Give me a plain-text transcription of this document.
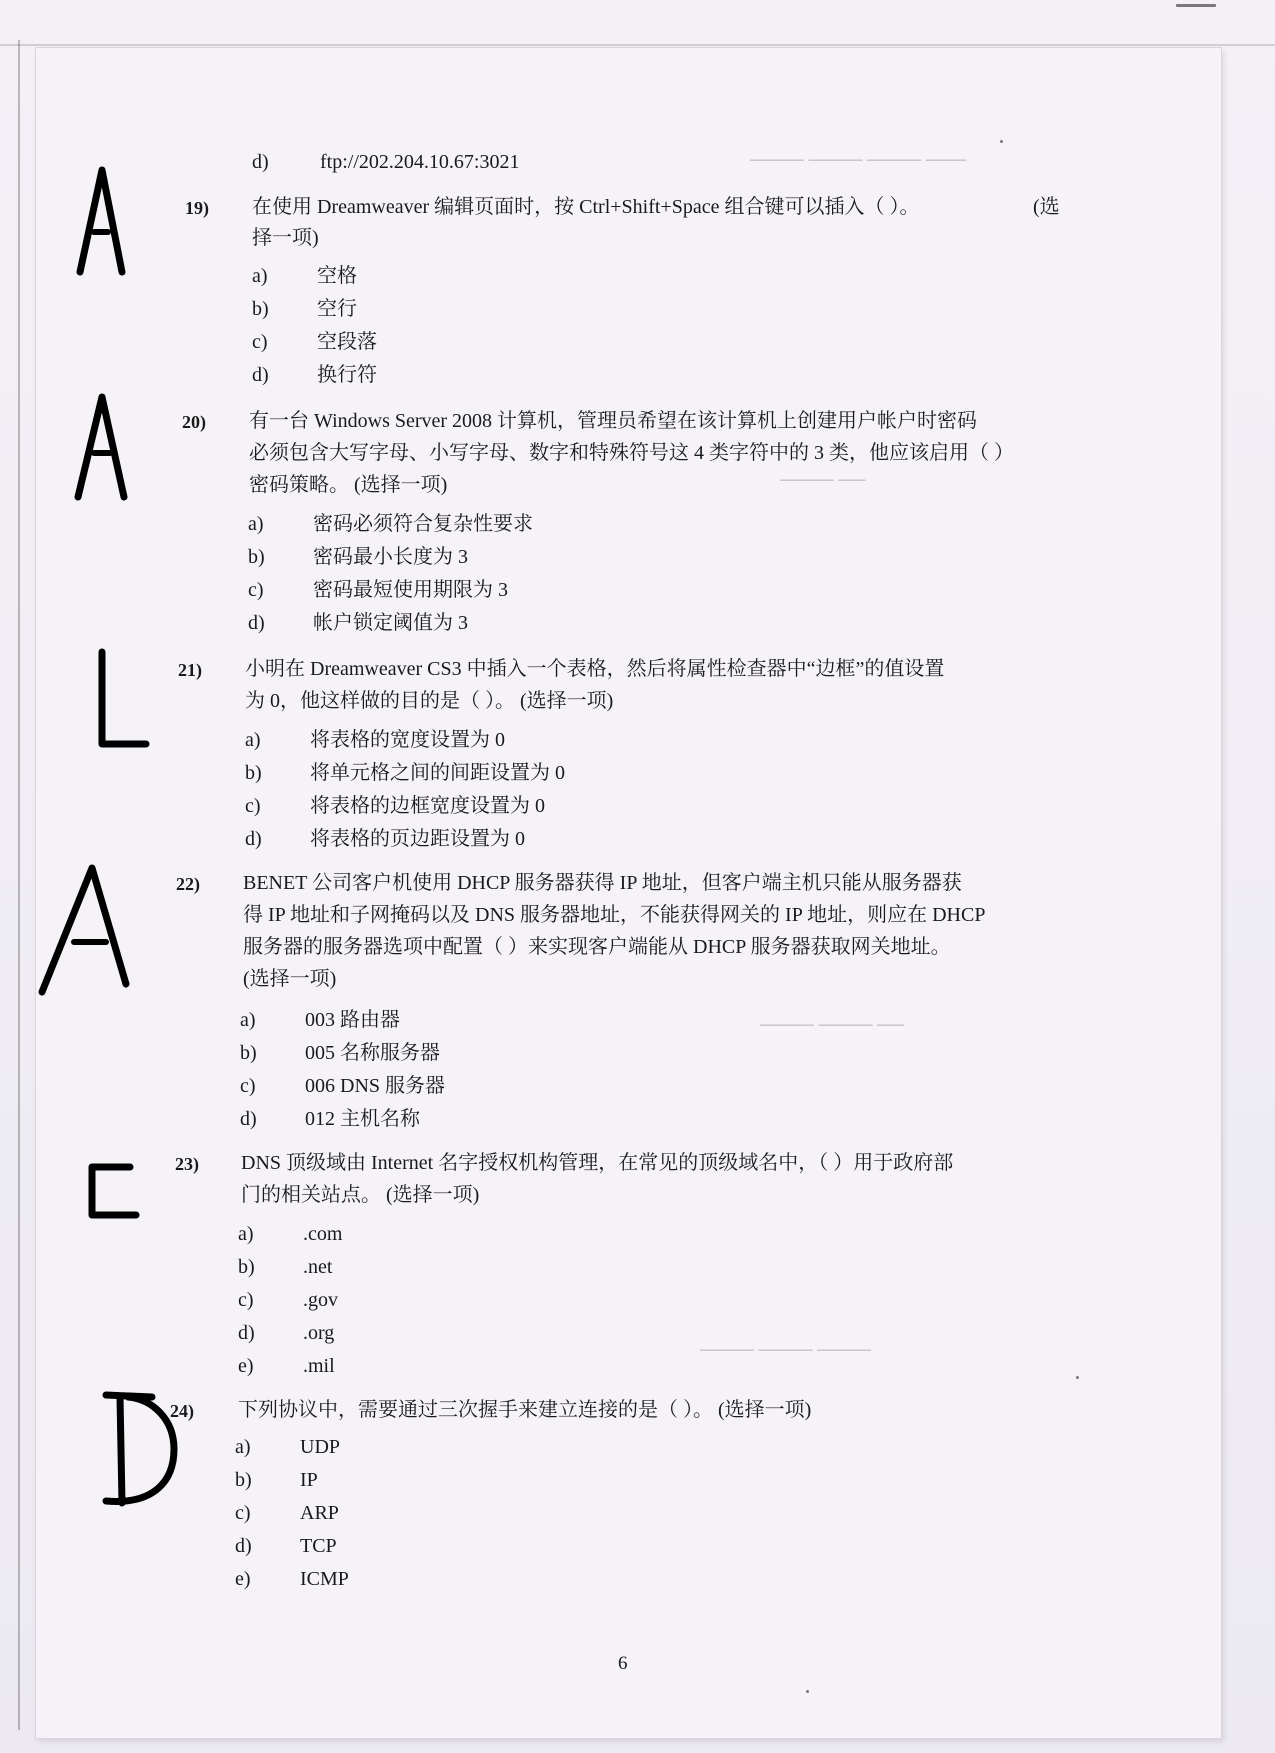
──── ──── ──── ───
──── ──
──── ──── ──
──── ──── ────
d)	ftp://202.204.10.67:3021
19) 在使用 Dreamweaver 编辑页面时，按 Ctrl+Shift+Space 组合键可以插入（ ）。	(选
择一项)
a)	空格
b)	空行
c)	空段落
d)	换行符
20) 有一台 Windows Server 2008 计算机，管理员希望在该计算机上创建用户帐户时密码
必须包含大写字母、小写字母、数字和特殊符号这 4 类字符中的 3 类，他应该启用（ ）
密码策略。 (选择一项)
a)	密码必须符合复杂性要求
b)	密码最小长度为 3
c)	密码最短使用期限为 3
d)	帐户锁定阈值为 3
21) 小明在 Dreamweaver CS3 中插入一个表格，然后将属性检查器中“边框”的值设置
为 0，他这样做的目的是（ ）。 (选择一项)
a)	将表格的宽度设置为 0
b)	将单元格之间的间距设置为 0
c)	将表格的边框宽度设置为 0
d)	将表格的页边距设置为 0
22) BENET 公司客户机使用 DHCP 服务器获得 IP 地址，但客户端主机只能从服务器获
得 IP 地址和子网掩码以及 DNS 服务器地址，不能获得网关的 IP 地址，则应在 DHCP
服务器的服务器选项中配置（ ）来实现客户端能从 DHCP 服务器获取网关地址。
(选择一项)
a)	003 路由器
b)	005 名称服务器
c)	006 DNS 服务器
d)	012 主机名称
23) DNS 顶级域由 Internet 名字授权机构管理，在常见的顶级域名中，（ ）用于政府部
门的相关站点。 (选择一项)
a)	.com
b)	.net
c)	.gov
d)	.org
e)	.mil
24) 下列协议中，需要通过三次握手来建立连接的是（ ）。 (选择一项)
a)	UDP
b)	IP
c)	ARP
d)	TCP
e)	ICMP
6
